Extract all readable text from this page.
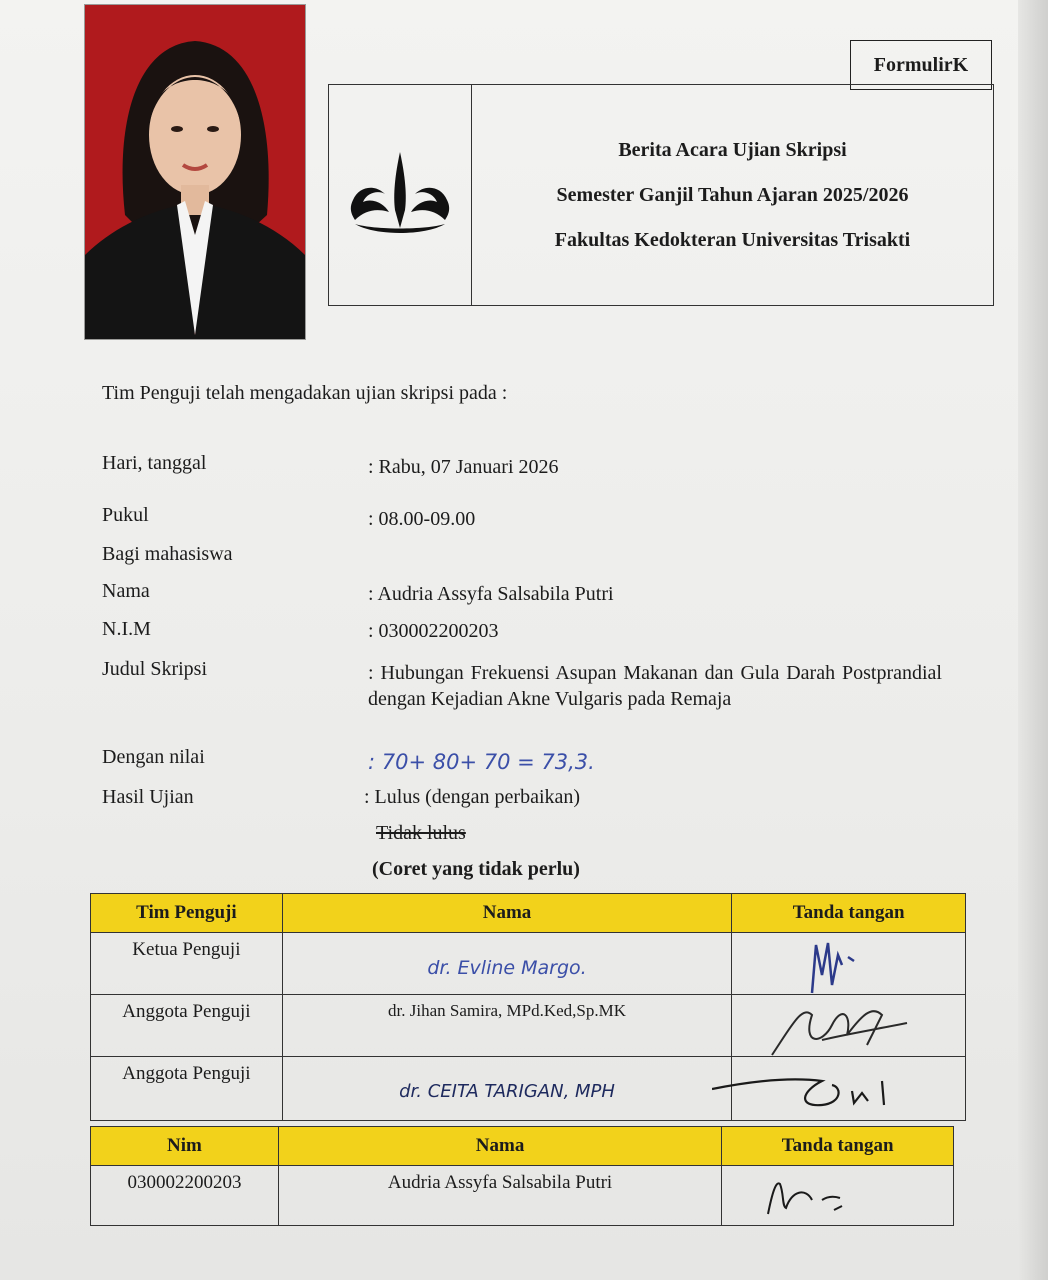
FormulirK
Berita Acara Ujian Skripsi
Semester Ganjil Tahun Ajaran 2025/2026
Fakultas Kedokteran Universitas Trisakti
Tim Penguji telah mengadakan ujian skripsi pada :
Hari, tanggal	: Rabu, 07 Januari 2026
Pukul	: 08.00-09.00
Bagi mahasiswa
Nama	: Audria Assyfa Salsabila Putri
N.I.M	: 030002200203
Judul Skripsi	: Hubungan Frekuensi Asupan Makanan dan Gula Darah Postprandial dengan Kejadian Akne Vulgaris pada Remaja
Dengan nilai	: 70+ 80+ 70 = 73,3.
Hasil Ujian	: Lulus (dengan perbaikan)
Tidak lulus
(Coret yang tidak perlu)
Tim Penguji	Nama	Tanda tangan
Ketua Penguji	dr. Evline Margo.	

Anggota Penguji	dr. Jihan Samira, MPd.Ked,Sp.MK	

Anggota Penguji	dr. CEITA TARIGAN, MPH	
Nim	Nama	Tanda tangan
030002200203	Audria Assyfa Salsabila Putri	
